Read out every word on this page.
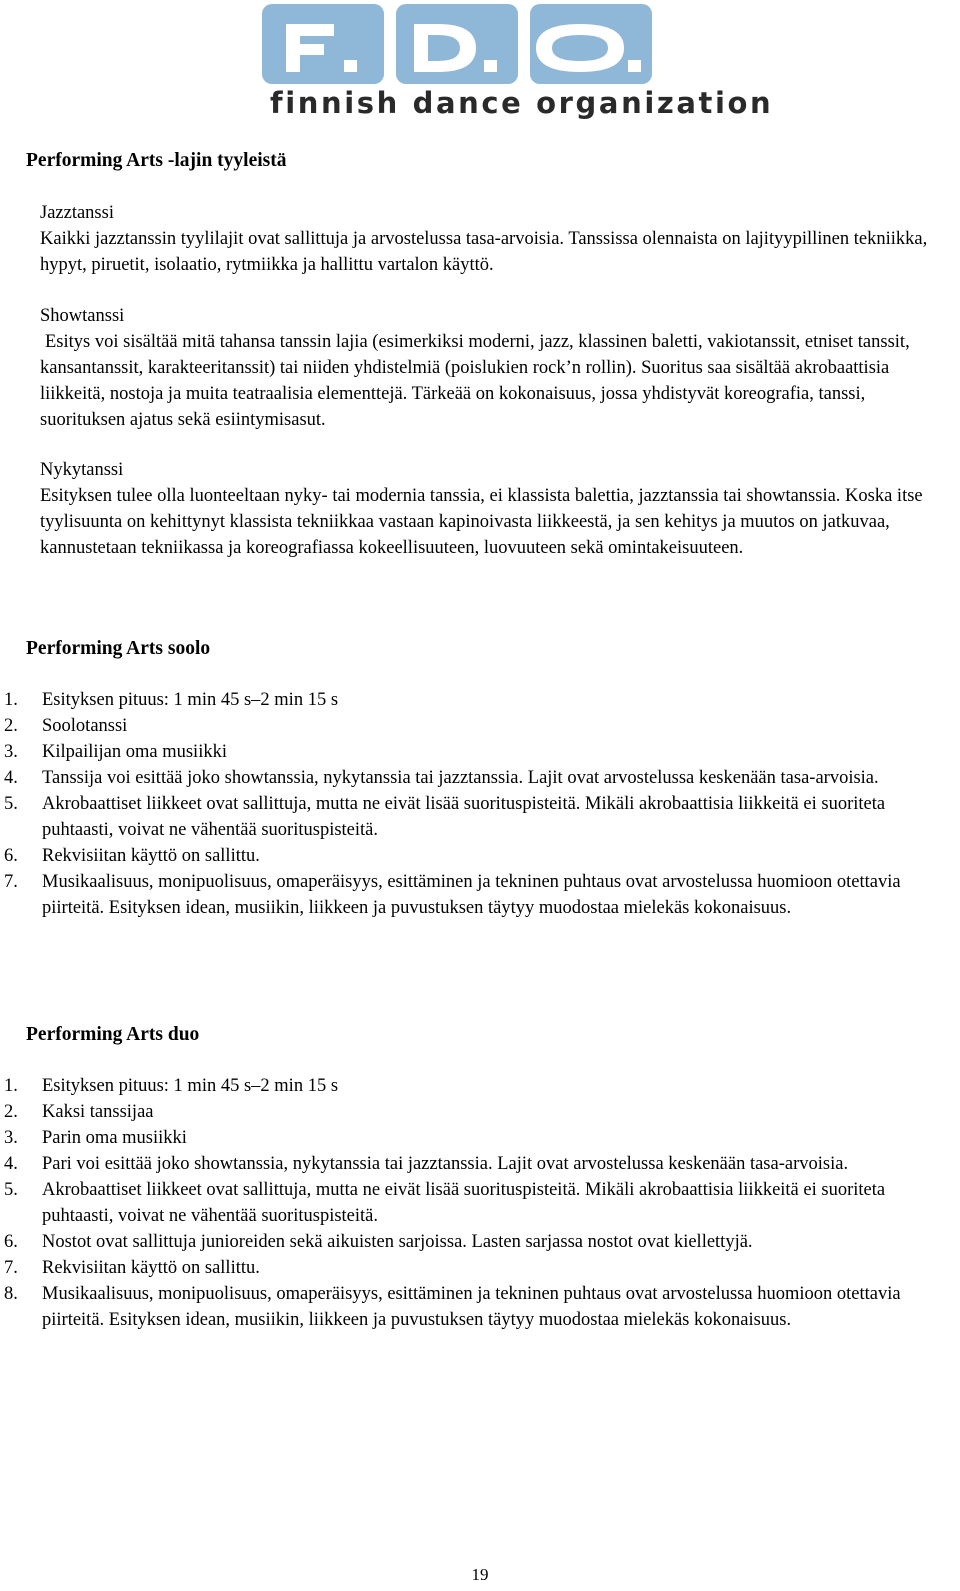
finnish dance organization
Performing Arts -lajin tyyleistä

Jazztanssi

Kaikki jazztanssin tyylilajit ovat sallittuja ja arvostelussa tasa-arvoisia. Tanssissa olennaista on lajityypillinen tekniikka, hypyt, piruetit, isolaatio, rytmiikka ja hallittu vartalon käyttö.

Showtanssi

Esitys voi sisältää mitä tahansa tanssin lajia (esimerkiksi moderni, jazz, klassinen baletti, vakiotanssit, etniset tanssit, kansantanssit, karakteeritanssit) tai niiden yhdistelmiä (poislukien rock’n rollin). Suoritus saa sisältää akrobaattisia liikkeitä, nostoja ja muita teatraalisia elementtejä. Tärkeää on kokonaisuus, jossa yhdistyvät koreografia, tanssi, suorituksen ajatus sekä esiintymisasut.

Nykytanssi

Esityksen tulee olla luonteeltaan nyky- tai modernia tanssia, ei klassista balettia, jazztanssia tai showtanssia. Koska itse tyylisuunta on kehittynyt klassista tekniikkaa vastaan kapinoivasta liikkeestä, ja sen kehitys ja muutos on jatkuvaa, kannustetaan tekniikassa ja koreografiassa kokeellisuuteen, luovuuteen sekä omintakeisuuteen.

Performing Arts soolo
1. Esityksen pituus: 1 min 45 s–2 min 15 s
2. Soolotanssi
3. Kilpailijan oma musiikki
4. Tanssija voi esittää joko showtanssia, nykytanssia tai jazztanssia. Lajit ovat arvostelussa keskenään tasa-arvoisia.
5. Akrobaattiset liikkeet ovat sallittuja, mutta ne eivät lisää suorituspisteitä. Mikäli akrobaattisia liikkeitä ei suoriteta puhtaasti, voivat ne vähentää suorituspisteitä.
6. Rekvisiitan käyttö on sallittu.
7. Musikaalisuus, monipuolisuus, omaperäisyys, esittäminen ja tekninen puhtaus ovat arvostelussa huomioon otettavia piirteitä. Esityksen idean, musiikin, liikkeen ja puvustuksen täytyy muodostaa mielekäs kokonaisuus.
Performing Arts duo
1. Esityksen pituus: 1 min 45 s–2 min 15 s
2. Kaksi tanssijaa
3. Parin oma musiikki
4. Pari voi esittää joko showtanssia, nykytanssia tai jazztanssia. Lajit ovat arvostelussa keskenään tasa-arvoisia.
5. Akrobaattiset liikkeet ovat sallittuja, mutta ne eivät lisää suorituspisteitä. Mikäli akrobaattisia liikkeitä ei suoriteta puhtaasti, voivat ne vähentää suorituspisteitä.
6. Nostot ovat sallittuja junioreiden sekä aikuisten sarjoissa. Lasten sarjassa nostot ovat kiellettyjä.
7. Rekvisiitan käyttö on sallittu.
8. Musikaalisuus, monipuolisuus, omaperäisyys, esittäminen ja tekninen puhtaus ovat arvostelussa huomioon otettavia piirteitä. Esityksen idean, musiikin, liikkeen ja puvustuksen täytyy muodostaa mielekäs kokonaisuus.
19
